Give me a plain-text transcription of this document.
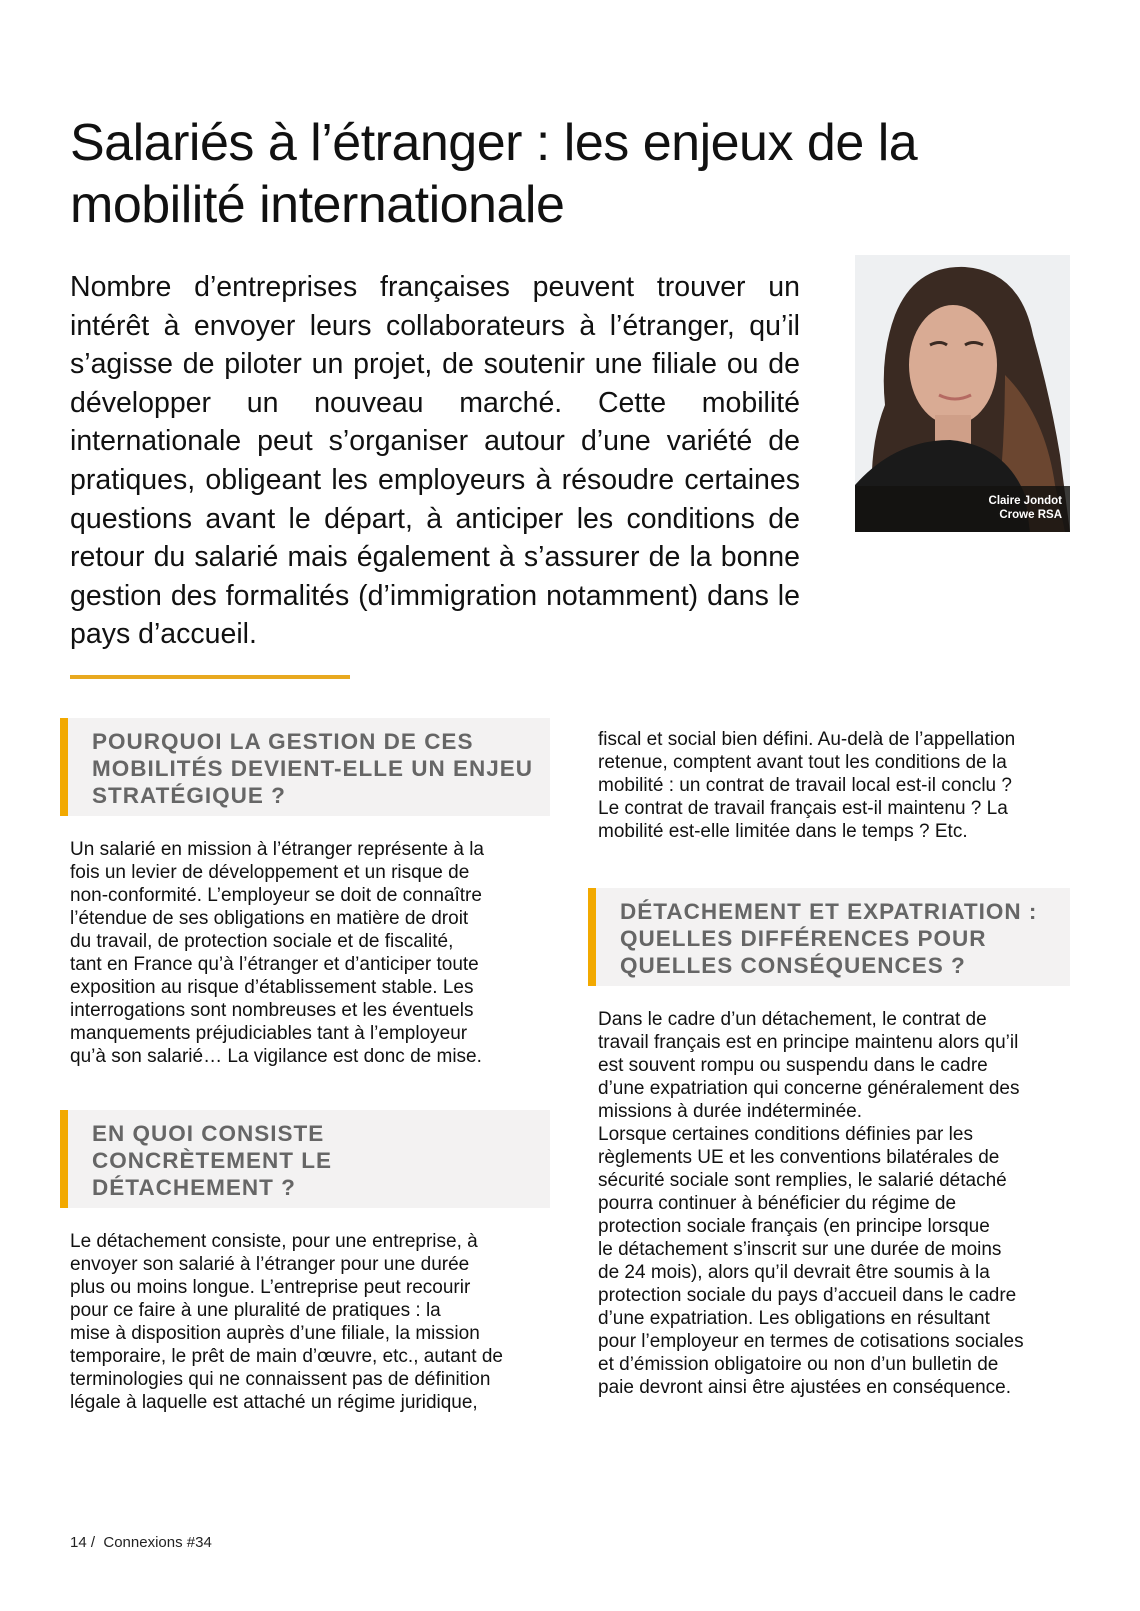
Salariés à l’étranger : les enjeux de la mobilité internationale

Nombre d’entreprises françaises peuvent trouver un intérêt à envoyer leurs collaborateurs à l’étranger, qu’il s’agisse de piloter un projet, de soutenir une filiale ou de développer un nouveau marché. Cette mobilité internationale peut s’organiser autour d’une variété de pratiques, obligeant les employeurs à résoudre certaines questions avant le départ, à anticiper les conditions de retour du salarié mais également à s’assurer de la bonne gestion des formalités (d’immigration notamment) dans le pays d’accueil.

Claire Jondot
Crowe RSA
POURQUOI LA GESTION DE CES MOBILITÉS DEVIENT-ELLE UN ENJEU STRATÉGIQUE ?
Un salarié en mission à l’étranger représente à la
fois un levier de développement et un risque de
non-conformité. L’employeur se doit de connaître
l’étendue de ses obligations en matière de droit
du travail, de protection sociale et de fiscalité,
tant en France qu’à l’étranger et d’anticiper toute
exposition au risque d’établissement stable. Les
interrogations sont nombreuses et les éventuels
manquements préjudiciables tant à l’employeur
qu’à son salarié… La vigilance est donc de mise.
EN QUOI CONSISTE CONCRÈTEMENT LE DÉTACHEMENT ?
Le détachement consiste, pour une entreprise, à
envoyer son salarié à l’étranger pour une durée
plus ou moins longue. L’entreprise peut recourir
pour ce faire à une pluralité de pratiques : la
mise à disposition auprès d’une filiale, la mission
temporaire, le prêt de main d’œuvre, etc., autant de
terminologies qui ne connaissent pas de définition
légale à laquelle est attaché un régime juridique,
fiscal et social bien défini. Au-delà de l’appellation
retenue, comptent avant tout les conditions de la
mobilité : un contrat de travail local est-il conclu ?
Le contrat de travail français est-il maintenu ? La
mobilité est-elle limitée dans le temps ? Etc.
DÉTACHEMENT ET EXPATRIATION : QUELLES DIFFÉRENCES POUR QUELLES CONSÉQUENCES ?
Dans le cadre d’un détachement, le contrat de
travail français est en principe maintenu alors qu’il
est souvent rompu ou suspendu dans le cadre
d’une expatriation qui concerne généralement des
missions à durée indéterminée.
Lorsque certaines conditions définies par les
règlements UE et les conventions bilatérales de
sécurité sociale sont remplies, le salarié détaché
pourra continuer à bénéficier du régime de
protection sociale français (en principe lorsque
le détachement s’inscrit sur une durée de moins
de 24 mois), alors qu’il devrait être soumis à la
protection sociale du pays d’accueil dans le cadre
d’une expatriation. Les obligations en résultant
pour l’employeur en termes de cotisations sociales
et d’émission obligatoire ou non d’un bulletin de
paie devront ainsi être ajustées en conséquence.

14 / Connexions #34
